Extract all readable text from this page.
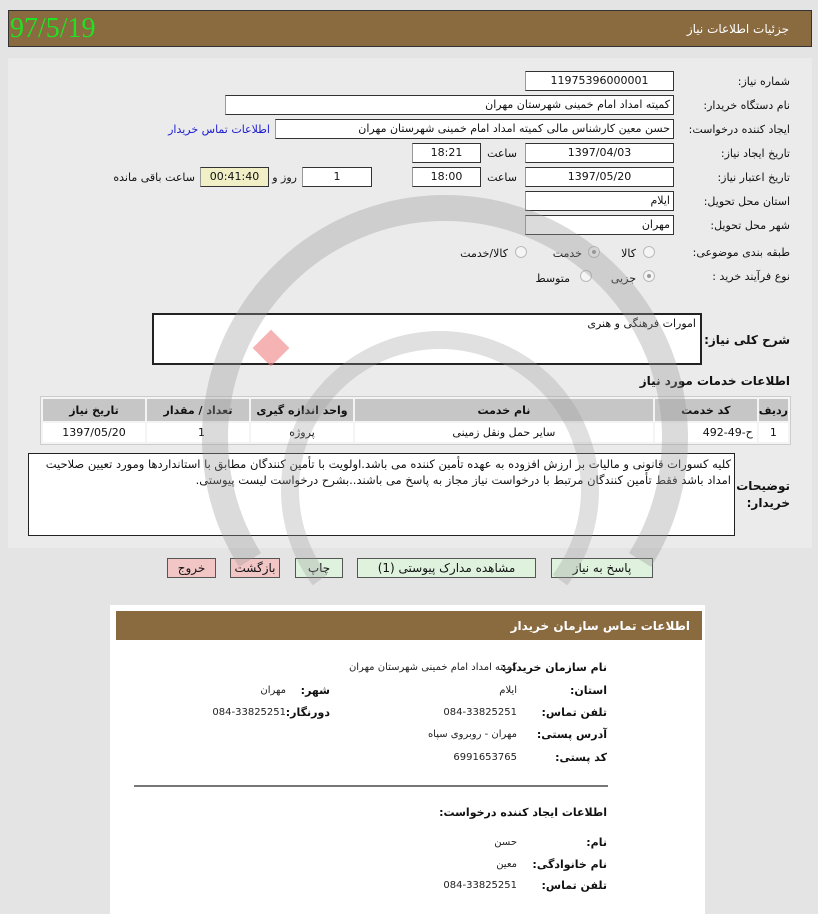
جزئیات اطلاعات نیاز
97/5/19
شماره نیاز:
11975396000001
نام دستگاه خریدار:
کمیته امداد امام خمینی شهرستان مهران
ایجاد کننده درخواست:
حسن معین کارشناس مالی کمیته امداد امام خمینی شهرستان مهران
اطلاعات تماس خریدار
تاریخ ایجاد نیاز:
1397/04/03
ساعت
18:21
تاریخ اعتبار نیاز:
1397/05/20
ساعت
18:00
1
روز و
00:41:40
ساعت باقی مانده
استان محل تحویل:
ایلام
شهر محل تحویل:
مهران
طبقه بندی موضوعی:
کالا
خدمت
کالا/خدمت
نوع فرآیند خرید :
جزیی
متوسط
شرح کلی نیاز:
امورات فرهنگی و هنری
اطلاعات خدمات مورد نیاز
ردیف	کد خدمت	نام خدمت	واحد اندازه گیری	تعداد / مقدار	تاریخ نیاز
1	ح-49-492	سایر حمل ونقل زمینی	پروژه	1	1397/05/20
توضیحات خریدار:
کلیه کسورات قانونی و مالیات بر ارزش افزوده به عهده تأمین کننده می باشد.اولویت با تأمین کنندگان مطابق با استانداردها ومورد تعیین صلاحیت امداد باشد فقط تأمین کنندگان مرتبط با درخواست نیاز مجاز به پاسخ می باشند..بشرح درخواست لیست پیوستی.
پاسخ به نیاز
مشاهده مدارک پیوستی (1)
چاپ
بازگشت
خروج
اطلاعات تماس سازمان خریدار
نام سازمان خریدار:
کمیته امداد امام خمینی شهرستان مهران
استان:
ایلام
شهر:
مهران
تلفن تماس:
084-33825251
دورنگار:
084-33825251
آدرس پستی:
مهران - روبروی سپاه
کد پستی:
6991653765
اطلاعات ایجاد کننده درخواست:
نام:
حسن
نام خانوادگی:
معین
تلفن تماس:
084-33825251
